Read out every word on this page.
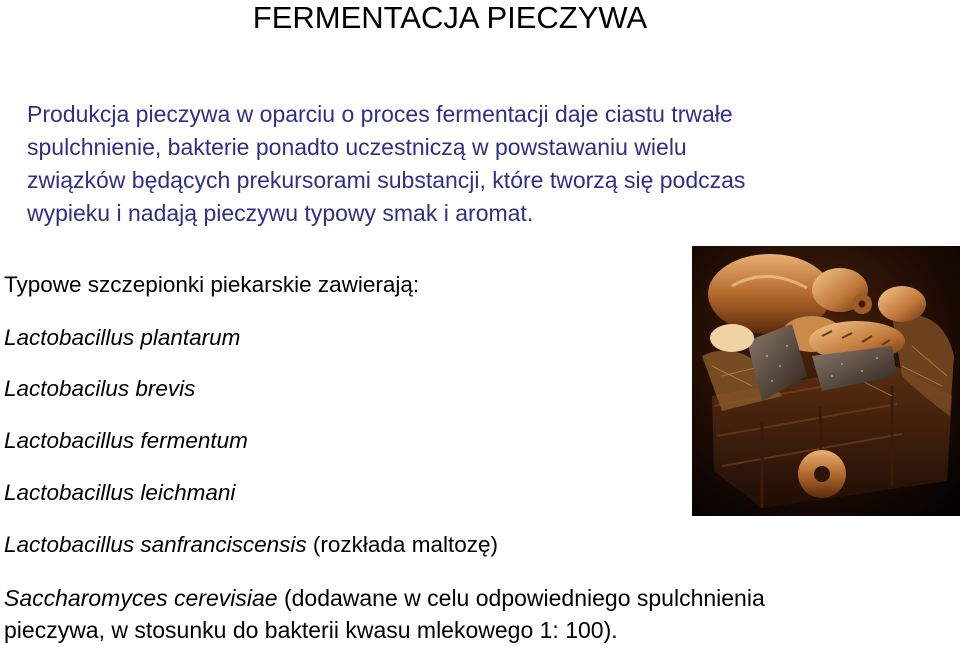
FERMENTACJA PIECZYWA
Produkcja pieczywa w oparciu o proces fermentacji daje ciastu trwałe
spulchnienie, bakterie ponadto uczestniczą w powstawaniu wielu
związków będących prekursorami substancji, które tworzą się podczas
wypieku i nadają pieczywu typowy smak i aromat.
Typowe szczepionki piekarskie zawierają:
Lactobacillus plantarum
Lactobacilus brevis
Lactobacillus fermentum
Lactobacillus leichmani
Lactobacillus sanfranciscensis (rozkłada maltozę)
Saccharomyces cerevisiae (dodawane w celu odpowiedniego spulchnienia
pieczywa, w stosunku do bakterii kwasu mlekowego 1: 100).
